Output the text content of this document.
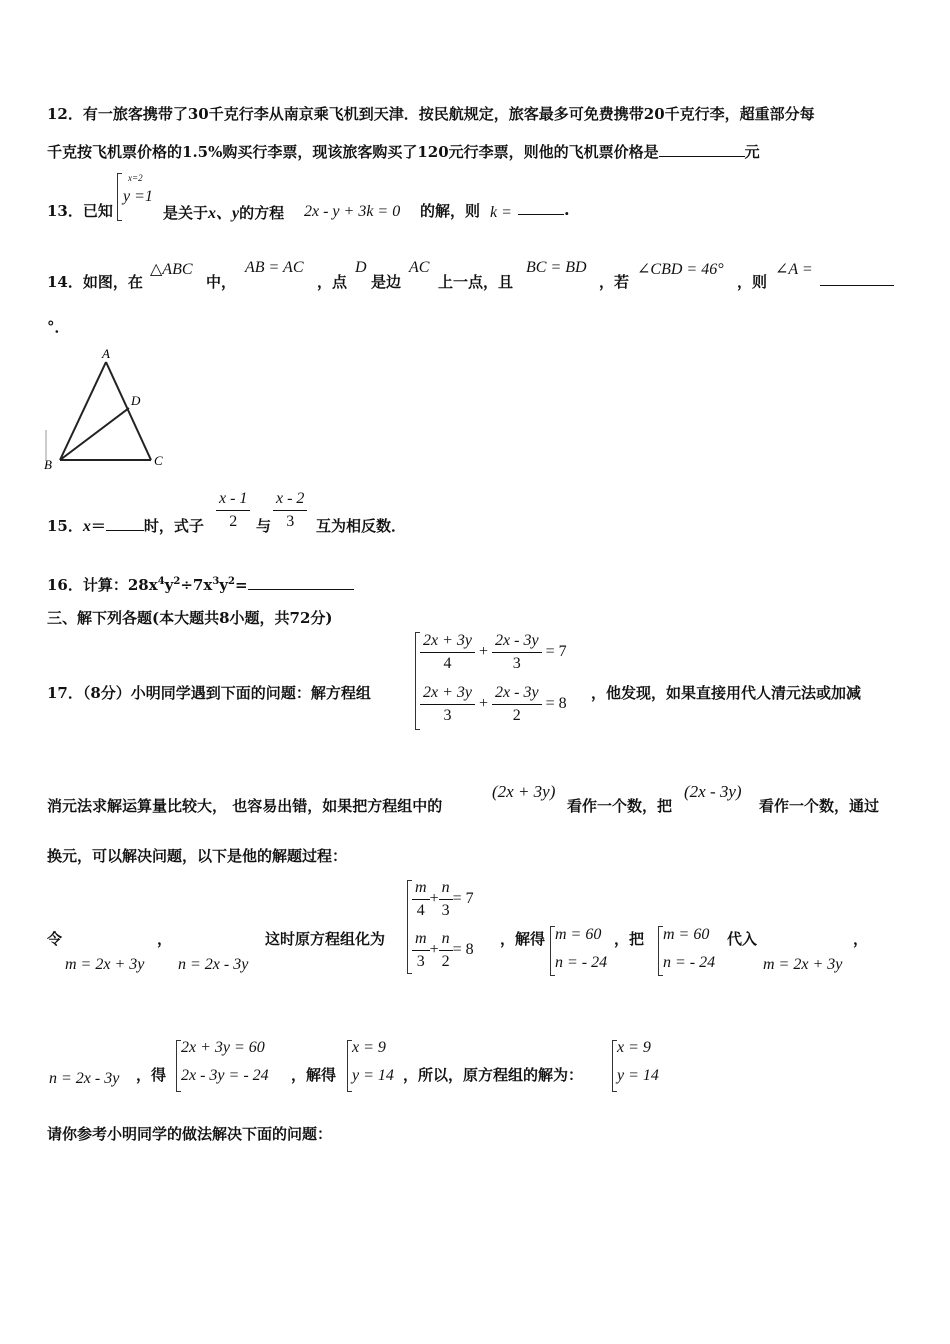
12．有一旅客携带了30千克行李从南京乘飞机到天津．按民航规定，旅客最多可免费携带20千克行李，超重部分每
千克按飞机票价格的1.5%购买行李票，现该旅客购买了120元行李票，则他的飞机票价格是	元
13．已知
x=2
y =1
是关于x、y的方程 2x - y + 3k = 0 的解，则 k =	.
14．如图，在
△ABC
中，
AB = AC
，点
D
是边
AC
上一点，且
BC = BD
，若
∠CBD = 46°
，则
∠A =
°．
A
D
B	C
15．x＝	时，式子 $\frac{x - 1}{2}$ 与 $\frac{x - 2}{3}$ 互为相反数．
16．计算：$28x^4y^2\div 7x^3y^2=$
三、解下列各题(本大题共8小题，共72分)
17．（8分）小明同学遇到下面的问题：解方程组
$\frac{2x + 3y}{4} + \frac{2x - 3y}{3} = 7$
$\frac{2x + 3y}{3} + \frac{2x - 3y}{2} = 8$
，他发现，如果直接用代人清元法或加减
消元法求解运算量比较大， 也容易出错，如果把方程组中的
(2x + 3y)
看作一个数，把
(2x - 3y)
看作一个数，通过
换元，可以解决问题，以下是他的解题过程：
令	，
m = 2x + 3y n = 2x - 3y
这时原方程组化为
$\frac{m}{4} + \frac{n}{3} = 7$
$\frac{m}{3} + \frac{n}{2} = 8$
，解得 m = 60
n = - 24
，把 m = 60
n = - 24
代入
m = 2x + 3y
，
n = 2x - 3y ，得
2x + 3y = 60
2x - 3y = - 24 ，解得
x = 9
y = 14 ，所以，原方程组的解为：
x = 9
y = 14
请你参考小明同学的做法解决下面的问题：
